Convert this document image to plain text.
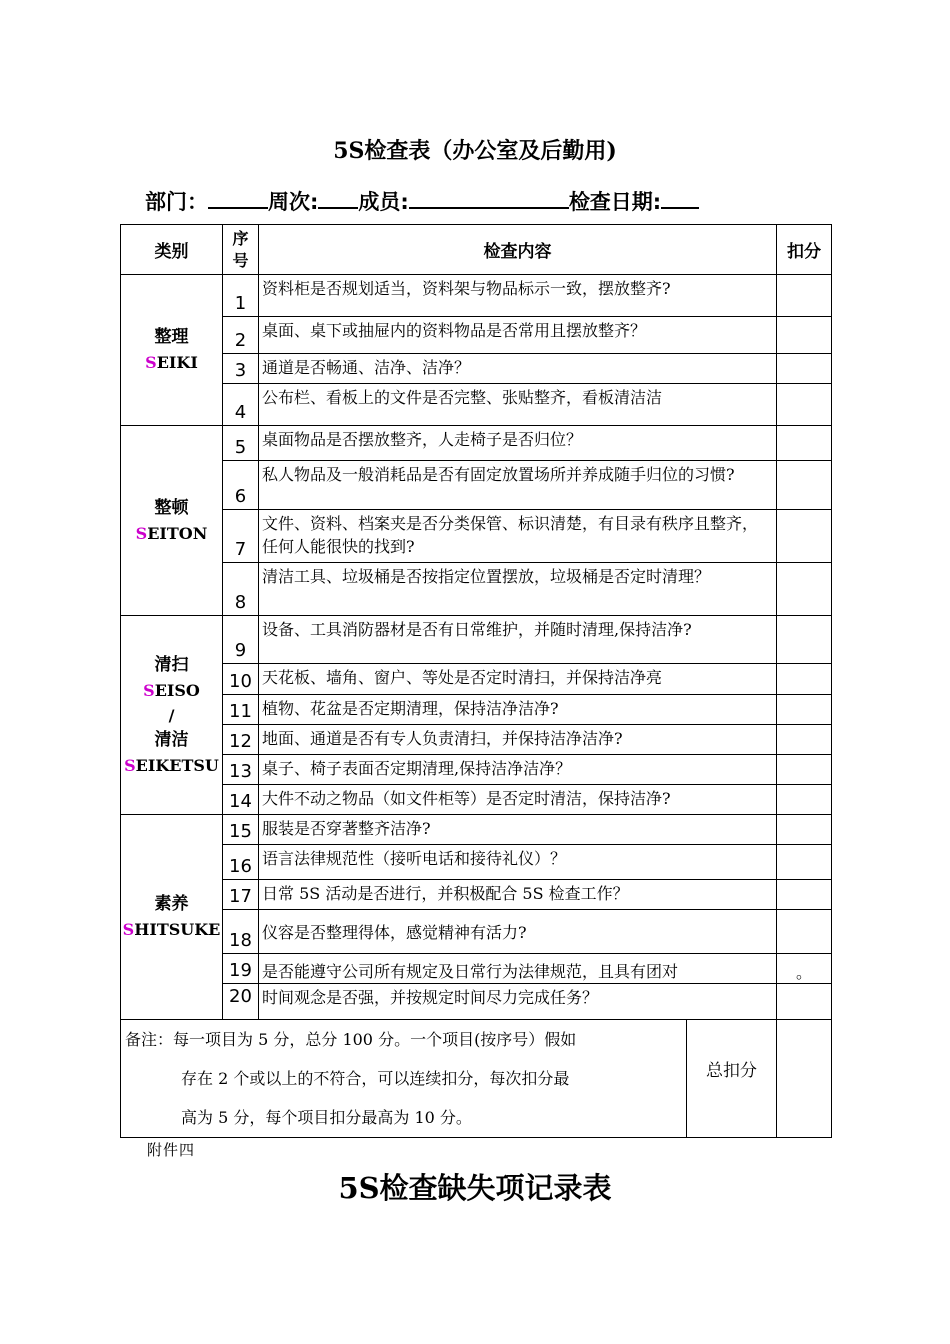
5S检查表（办公室及后勤用)
部门：	周次: 成员:	检查日期:
类别	序号	检查内容		扣分

整理
SEIKI	1	资料柜是否规划适当，资料架与物品标示一致，摆放整齐?		
	2	桌面、桌下或抽屉内的资料物品是否常用且摆放整齐？		
	3	通道是否畅通、洁净、洁净？		
	4	公布栏、看板上的文件是否完整、张贴整齐，看板清洁洁		

整顿
SEITON	5	桌面物品是否摆放整齐，人走椅子是否归位？		
	6	私人物品及一般消耗品是否有固定放置场所并养成随手归位的习惯?		
	7	文件、资料、档案夹是否分类保管、标识清楚，有目录有秩序且整齐，任何人能很快的找到?		
	8	清洁工具、垃圾桶是否按指定位置摆放，垃圾桶是否定时清理？		

清扫
SEISO
/
清洁
SEIKETSU	9	设备、工具消防器材是否有日常维护，并随时清理,保持洁净?		
	10	天花板、墙角、窗户、等处是否定时清扫，并保持洁净亮		
	11	植物、花盆是否定期清理，保持洁净洁净?		
	12	地面、通道是否有专人负责清扫，并保持洁净洁净?		
	13	桌子、椅子表面否定期清理,保持洁净洁净？		
	14	大件不动之物品（如文件柜等）是否定时清洁，保持洁净?		

素养
SHITSUKE	15	服装是否穿著整齐洁净?		
	16	语言法律规范性（接听电话和接待礼仪）？		
	17	日常 5S 活动是否进行，并积极配合 5S 检查工作？		
	18	仪容是否整理得体，感觉精神有活力?		
	19	是否能遵守公司所有规定及日常行为法律规范，且具有团对		。
	20	时间观念是否强，并按规定时间尽力完成任务？		

备注：每一项目为 5 分，总分 100 分。一个项目(按序号）假如
存在 2 个或以上的不符合，可以连续扣分，每次扣分最
高为 5 分，每个项目扣分最高为 10 分。			总扣分	
附件四
5S检查缺失项记录表
